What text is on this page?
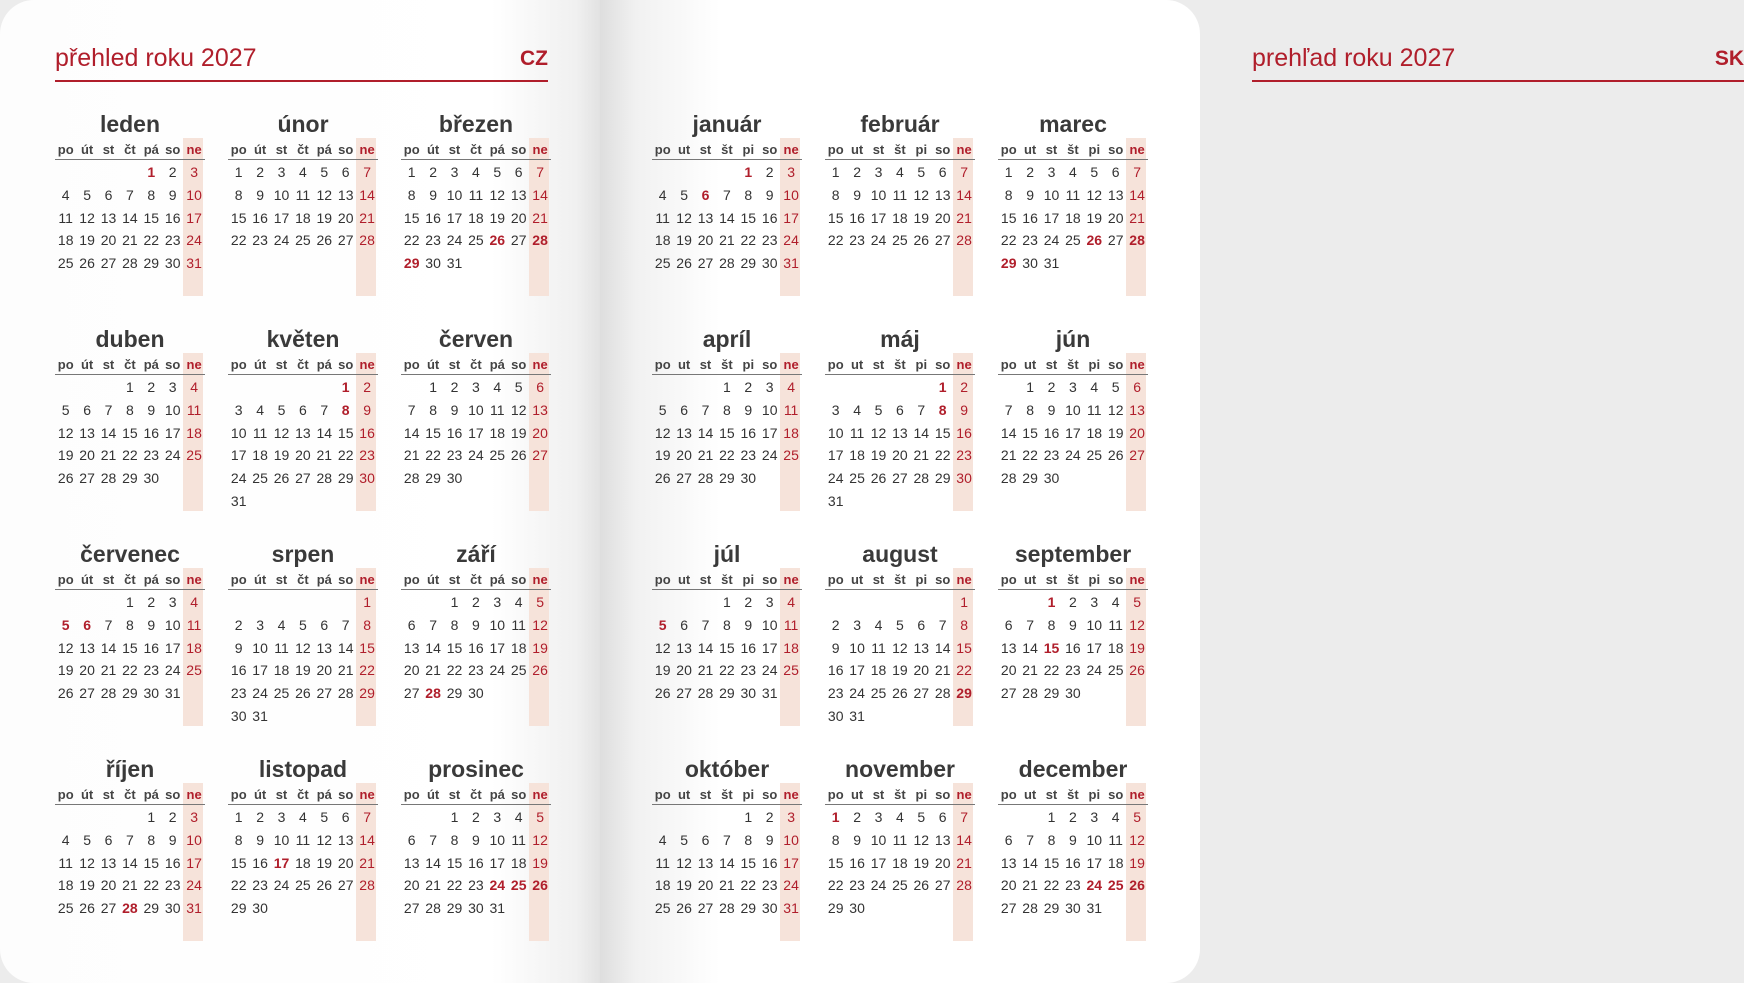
přehled roku 2027	CZ
leden
po út st čt pá so ne
1 2 3
4 5 6 7 8 9 10
11 12 13 14 15 16 17
18 19 20 21 22 23 24
25 26 27 28 29 30 31
únor
po út st čt pá so ne
1 2 3 4 5 6 7
8 9 10 11 12 13 14
15 16 17 18 19 20 21
22 23 24 25 26 27 28
březen
po út st čt pá so ne
1 2 3 4 5 6 7
8 9 10 11 12 13 14
15 16 17 18 19 20 21
22 23 24 25 26 27 28
29 30 31
duben
po út st čt pá so ne
1 2 3 4
5 6 7 8 9 10 11
12 13 14 15 16 17 18
19 20 21 22 23 24 25
26 27 28 29 30
květen
po út st čt pá so ne
1 2
3 4 5 6 7 8 9
10 11 12 13 14 15 16
17 18 19 20 21 22 23
24 25 26 27 28 29 30
31
červen
po út st čt pá so ne
1 2 3 4 5 6
7 8 9 10 11 12 13
14 15 16 17 18 19 20
21 22 23 24 25 26 27
28 29 30
červenec
po út st čt pá so ne
1 2 3 4
5 6 7 8 9 10 11
12 13 14 15 16 17 18
19 20 21 22 23 24 25
26 27 28 29 30 31
srpen
po út st čt pá so ne
1
2 3 4 5 6 7 8
9 10 11 12 13 14 15
16 17 18 19 20 21 22
23 24 25 26 27 28 29
30 31
září
po út st čt pá so ne
1 2 3 4 5
6 7 8 9 10 11 12
13 14 15 16 17 18 19
20 21 22 23 24 25 26
27 28 29 30
říjen
po út st čt pá so ne
1 2 3
4 5 6 7 8 9 10
11 12 13 14 15 16 17
18 19 20 21 22 23 24
25 26 27 28 29 30 31
listopad
po út st čt pá so ne
1 2 3 4 5 6 7
8 9 10 11 12 13 14
15 16 17 18 19 20 21
22 23 24 25 26 27 28
29 30
prosinec
po út st čt pá so ne
1 2 3 4 5
6 7 8 9 10 11 12
13 14 15 16 17 18 19
20 21 22 23 24 25 26
27 28 29 30 31
prehľad roku 2027	SK
január
po ut st št pi so ne
1 2 3
4 5 6 7 8 9 10
11 12 13 14 15 16 17
18 19 20 21 22 23 24
25 26 27 28 29 30 31
február
po ut st št pi so ne
1 2 3 4 5 6 7
8 9 10 11 12 13 14
15 16 17 18 19 20 21
22 23 24 25 26 27 28
marec
po ut st št pi so ne
1 2 3 4 5 6 7
8 9 10 11 12 13 14
15 16 17 18 19 20 21
22 23 24 25 26 27 28
29 30 31
apríl
po ut st št pi so ne
1 2 3 4
5 6 7 8 9 10 11
12 13 14 15 16 17 18
19 20 21 22 23 24 25
26 27 28 29 30
máj
po ut st št pi so ne
1 2
3 4 5 6 7 8 9
10 11 12 13 14 15 16
17 18 19 20 21 22 23
24 25 26 27 28 29 30
31
jún
po ut st št pi so ne
1 2 3 4 5 6
7 8 9 10 11 12 13
14 15 16 17 18 19 20
21 22 23 24 25 26 27
28 29 30
júl
po ut st št pi so ne
1 2 3 4
5 6 7 8 9 10 11
12 13 14 15 16 17 18
19 20 21 22 23 24 25
26 27 28 29 30 31
august
po ut st št pi so ne
1
2 3 4 5 6 7 8
9 10 11 12 13 14 15
16 17 18 19 20 21 22
23 24 25 26 27 28 29
30 31
september
po ut st št pi so ne
1 2 3 4 5
6 7 8 9 10 11 12
13 14 15 16 17 18 19
20 21 22 23 24 25 26
27 28 29 30
október
po ut st št pi so ne
1 2 3
4 5 6 7 8 9 10
11 12 13 14 15 16 17
18 19 20 21 22 23 24
25 26 27 28 29 30 31
november
po ut st št pi so ne
1 2 3 4 5 6 7
8 9 10 11 12 13 14
15 16 17 18 19 20 21
22 23 24 25 26 27 28
29 30
december
po ut st št pi so ne
1 2 3 4 5
6 7 8 9 10 11 12
13 14 15 16 17 18 19
20 21 22 23 24 25 26
27 28 29 30 31
